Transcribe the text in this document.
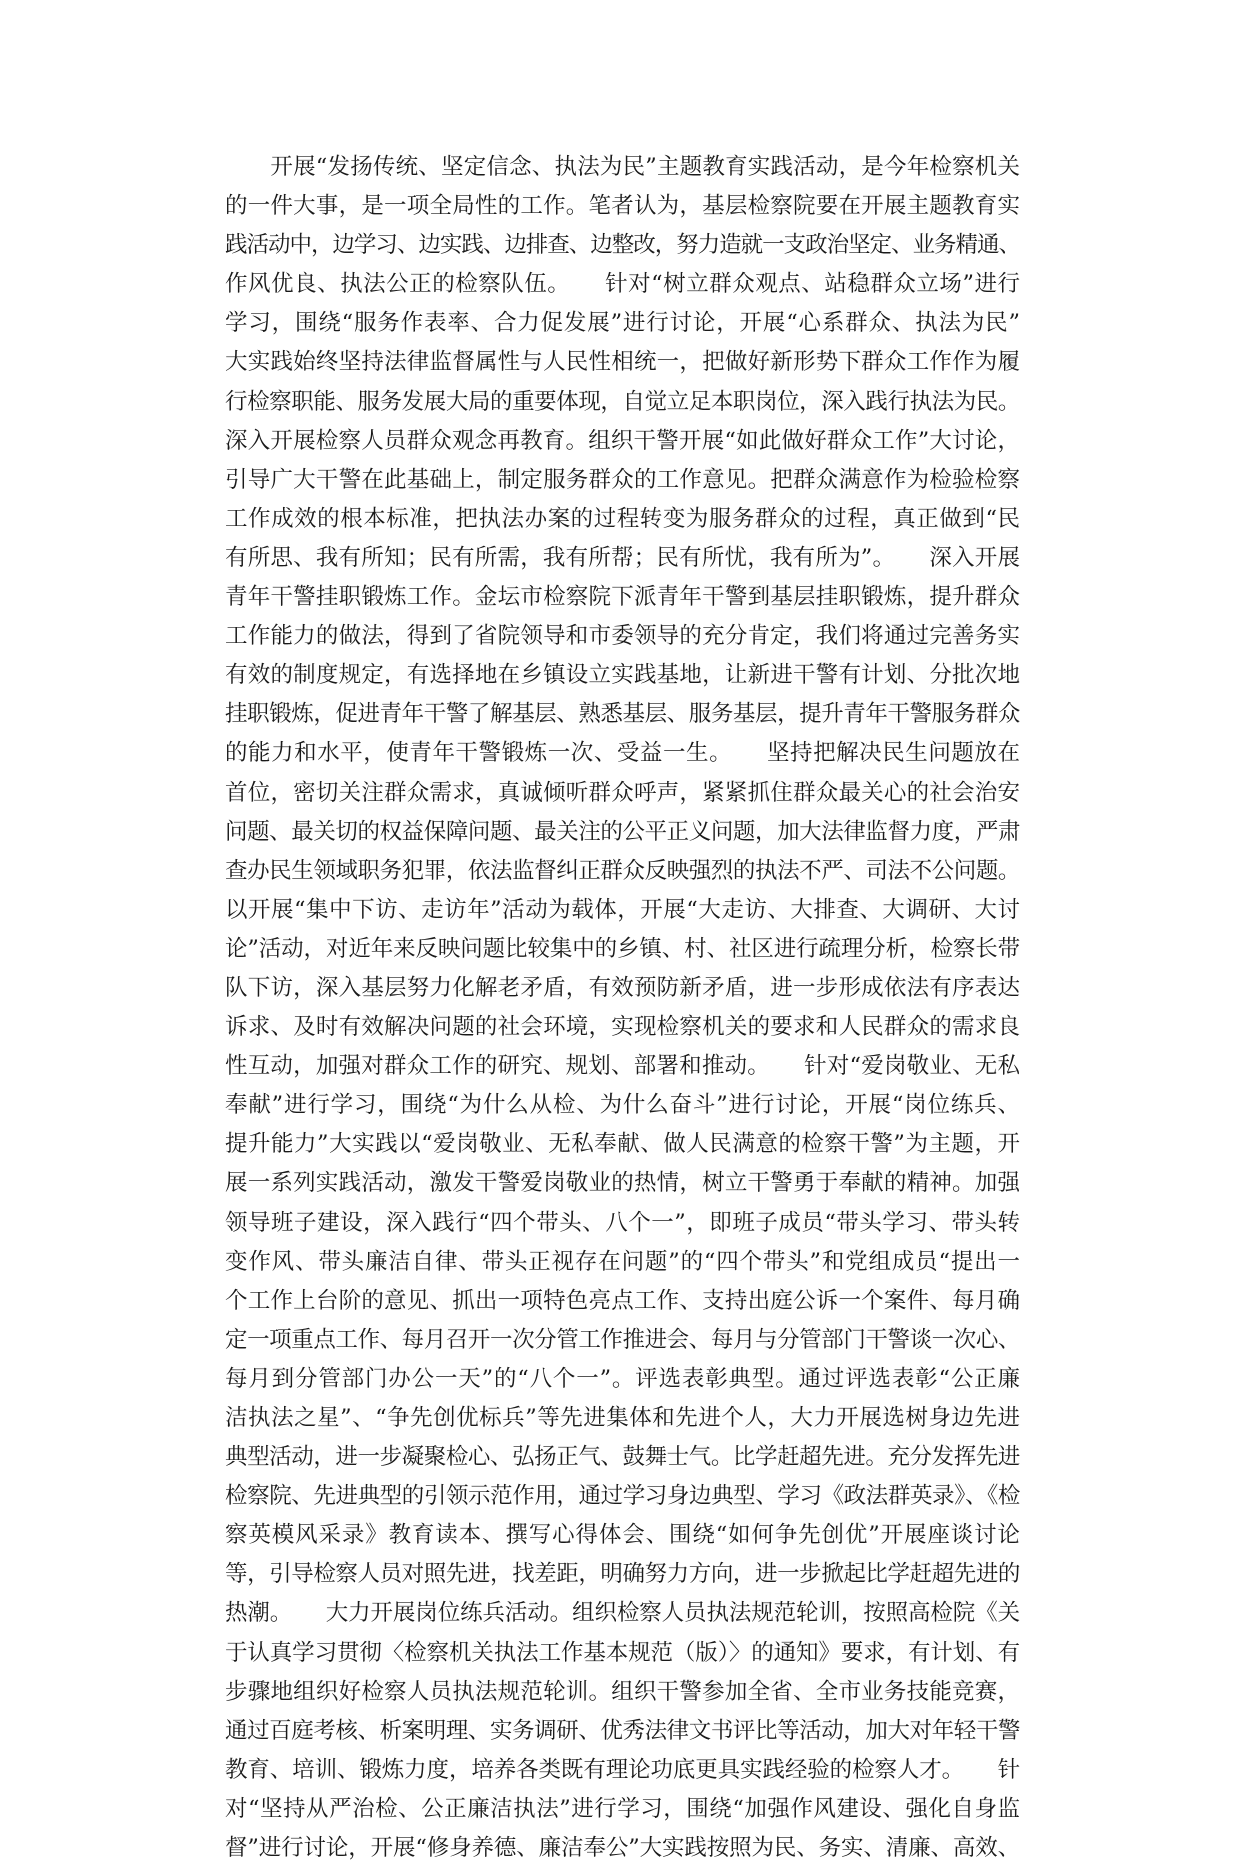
　　开展“发扬传统、坚定信念、执法为民”主题教育实践活动，是今年检察机关
的一件大事，是一项全局性的工作。笔者认为，基层检察院要在开展主题教育实
践活动中，边学习、边实践、边排查、边整改，努力造就一支政治坚定、业务精通、
作风优良、执法公正的检察队伍。　　针对“树立群众观点、站稳群众立场”进行
学习，围绕“服务作表率、合力促发展”进行讨论，开展“心系群众、执法为民”
大实践始终坚持法律监督属性与人民性相统一，把做好新形势下群众工作作为履
行检察职能、服务发展大局的重要体现，自觉立足本职岗位，深入践行执法为民。
深入开展检察人员群众观念再教育。组织干警开展“如此做好群众工作”大讨论，
引导广大干警在此基础上，制定服务群众的工作意见。把群众满意作为检验检察
工作成效的根本标准，把执法办案的过程转变为服务群众的过程，真正做到“民
有所思、我有所知；民有所需，我有所帮；民有所忧，我有所为”。　　深入开展
青年干警挂职锻炼工作。金坛市检察院下派青年干警到基层挂职锻炼，提升群众
工作能力的做法，得到了省院领导和市委领导的充分肯定，我们将通过完善务实
有效的制度规定，有选择地在乡镇设立实践基地，让新进干警有计划、分批次地
挂职锻炼，促进青年干警了解基层、熟悉基层、服务基层，提升青年干警服务群众
的能力和水平，使青年干警锻炼一次、受益一生。　　坚持把解决民生问题放在
首位，密切关注群众需求，真诚倾听群众呼声，紧紧抓住群众最关心的社会治安
问题、最关切的权益保障问题、最关注的公平正义问题，加大法律监督力度，严肃
查办民生领域职务犯罪，依法监督纠正群众反映强烈的执法不严、司法不公问题。
以开展“集中下访、走访年”活动为载体，开展“大走访、大排查、大调研、大讨
论”活动，对近年来反映问题比较集中的乡镇、村、社区进行疏理分析，检察长带
队下访，深入基层努力化解老矛盾，有效预防新矛盾，进一步形成依法有序表达
诉求、及时有效解决问题的社会环境，实现检察机关的要求和人民群众的需求良
性互动，加强对群众工作的研究、规划、部署和推动。　　针对“爱岗敬业、无私
奉献”进行学习，围绕“为什么从检、为什么奋斗”进行讨论，开展“岗位练兵、
提升能力”大实践以“爱岗敬业、无私奉献、做人民满意的检察干警”为主题，开
展一系列实践活动，激发干警爱岗敬业的热情，树立干警勇于奉献的精神。加强
领导班子建设，深入践行“四个带头、八个一”，即班子成员“带头学习、带头转
变作风、带头廉洁自律、带头正视存在问题”的“四个带头”和党组成员“提出一
个工作上台阶的意见、抓出一项特色亮点工作、支持出庭公诉一个案件、每月确
定一项重点工作、每月召开一次分管工作推进会、每月与分管部门干警谈一次心、
每月到分管部门办公一天”的“八个一”。评选表彰典型。通过评选表彰“公正廉
洁执法之星”、“争先创优标兵”等先进集体和先进个人，大力开展选树身边先进
典型活动，进一步凝聚检心、弘扬正气、鼓舞士气。比学赶超先进。充分发挥先进
检察院、先进典型的引领示范作用，通过学习身边典型、学习《政法群英录》、《检
察英模风采录》教育读本、撰写心得体会、围绕“如何争先创优”开展座谈讨论
等，引导检察人员对照先进，找差距，明确努力方向，进一步掀起比学赶超先进的
热潮。　　大力开展岗位练兵活动。组织检察人员执法规范轮训，按照高检院《关
于认真学习贯彻〈检察机关执法工作基本规范（版）〉的通知》要求，有计划、有
步骤地组织好检察人员执法规范轮训。组织干警参加全省、全市业务技能竞赛，
通过百庭考核、析案明理、实务调研、优秀法律文书评比等活动，加大对年轻干警
教育、培训、锻炼力度，培养各类既有理论功底更具实践经验的检察人才。　　针
对“坚持从严治检、公正廉洁执法”进行学习，围绕“加强作风建设、强化自身监
督”进行讨论，开展“修身养德、廉洁奉公”大实践按照为民、务实、清廉、高效、
